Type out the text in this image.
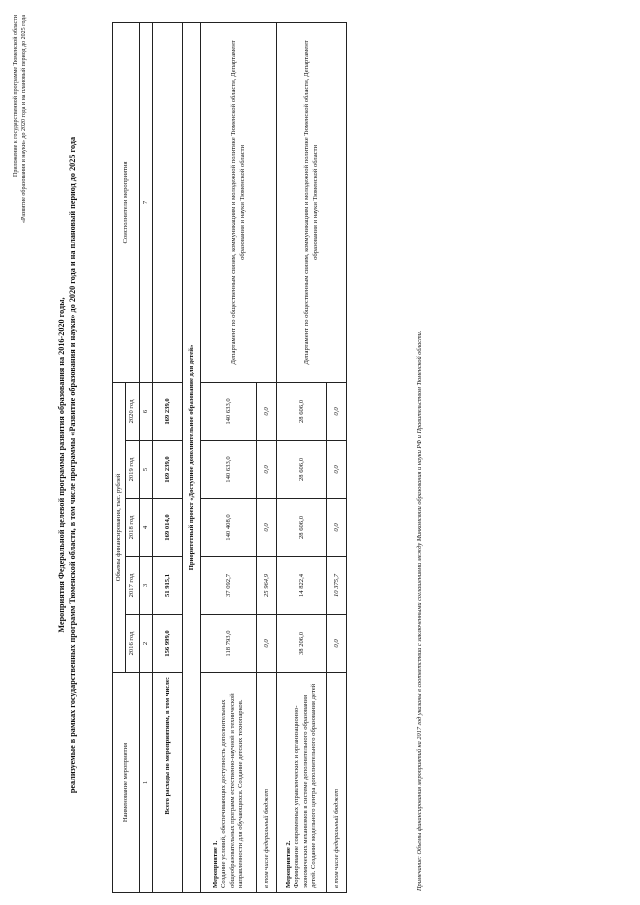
Приложение к государственной программе Тюменской области «Развитие образования и науки» до 2020 года и на плановый период до 2025 года
Мероприятия Федеральной целевой программы развития образования на 2016-2020 годы, реализуемые в рамках государственных программ Тюменской области, в том числе программы «Развитие образования и науки» до 2020 года и на плановый период до 2025 года	Наименование мероприятия	Объемы финансирования, тыс. рублей					Соисполнители мероприятия
	2016 год	2017 год	2018 год	2019 год	2020 год	
1	2	3	4	5	6	7
Всего расходы по мероприятиям, в том числе:	156 999,0	51 915,1	169 014,0	169 239,0	169 239,0	
Приоритетный проект «Доступное дополнительное образование для детей»						

Мероприятие 1. Создание условий, обеспечивающих доступность дополнительных общеобразовательных программ естественно-научной и технической направленности для обучающихся. Создание детских технопарков.	118 793,0	37 092,7	140 408,0	140 633,0	140 633,0	Департамент по общественным связям, коммуникациям и молодежной политике Тюменской области, Департамент образования и науки Тюменской области
в том числе федеральный бюджет	0,0	25 964,9	0,0	0,0	0,0	

Мероприятие 2. Формирование современных управленческих и организационно-экономических механизмов в системе дополнительного образования детей. Создание модельного центра дополнительного образования детей	38 206,0	14 822,4	28 606,0	28 606,0	28 606,0	Департамент по общественным связям, коммуникациям и молодежной политике Тюменской области, Департамент образования и науки Тюменской области
в том числе федеральный бюджет	0,0	10 375,7	0,0	0,0	0,0		Примечание: Объемы финансирования мероприятий на 2017 год указаны в соответствии с заключенными соглашениями между Минкомсвязи образования и науки РФ и Правительством Тюменской области.
